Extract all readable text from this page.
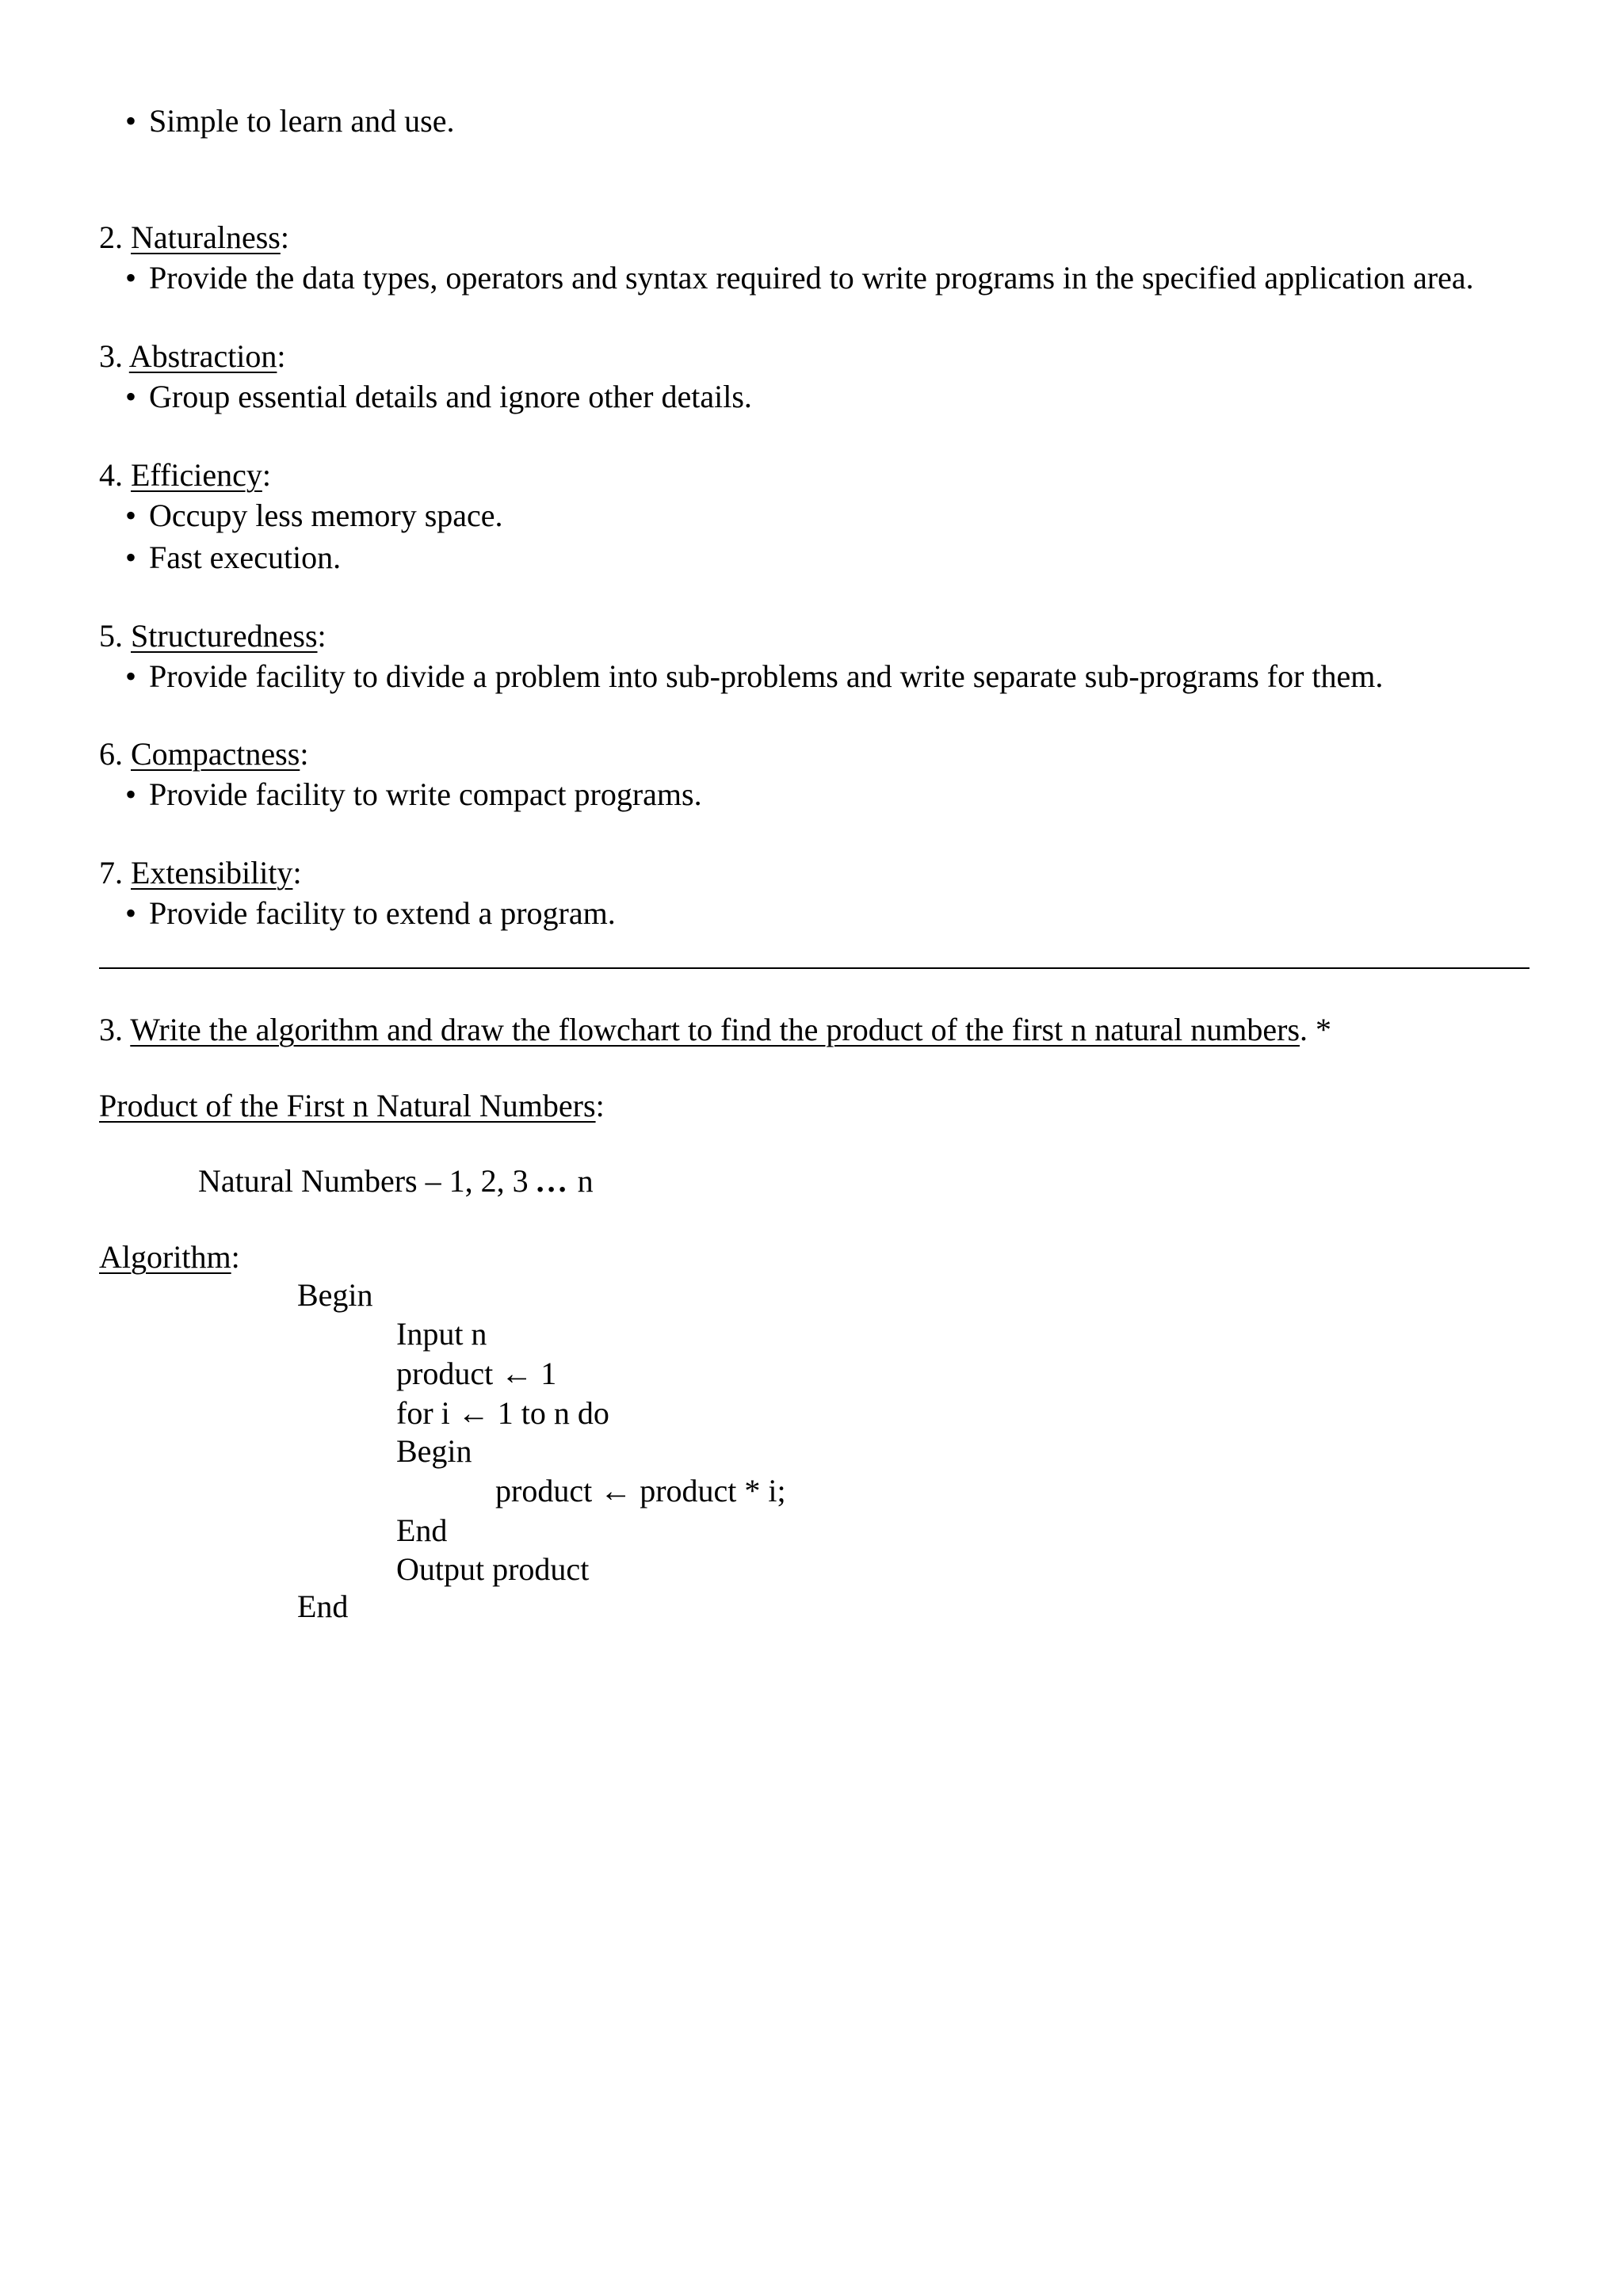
• Simple to learn and use.
2. Naturalness:
• Provide the data types, operators and syntax required to write programs in the specified application area.
3. Abstraction:
• Group essential details and ignore other details.
4. Efficiency:
• Occupy less memory space.
• Fast execution.
5. Structuredness:
• Provide facility to divide a problem into sub-problems and write separate sub-programs for them.
6. Compactness:
• Provide facility to write compact programs.
7. Extensibility:
• Provide facility to extend a program.
3. Write the algorithm and draw the flowchart to find the product of the first n natural numbers. *
Product of the First n Natural Numbers:
Natural Numbers – 1, 2, 3 ... n
Algorithm:
Begin
Input n
product ← 1
for i ← 1 to n do
Begin
product ← product * i;
End
Output product
End
